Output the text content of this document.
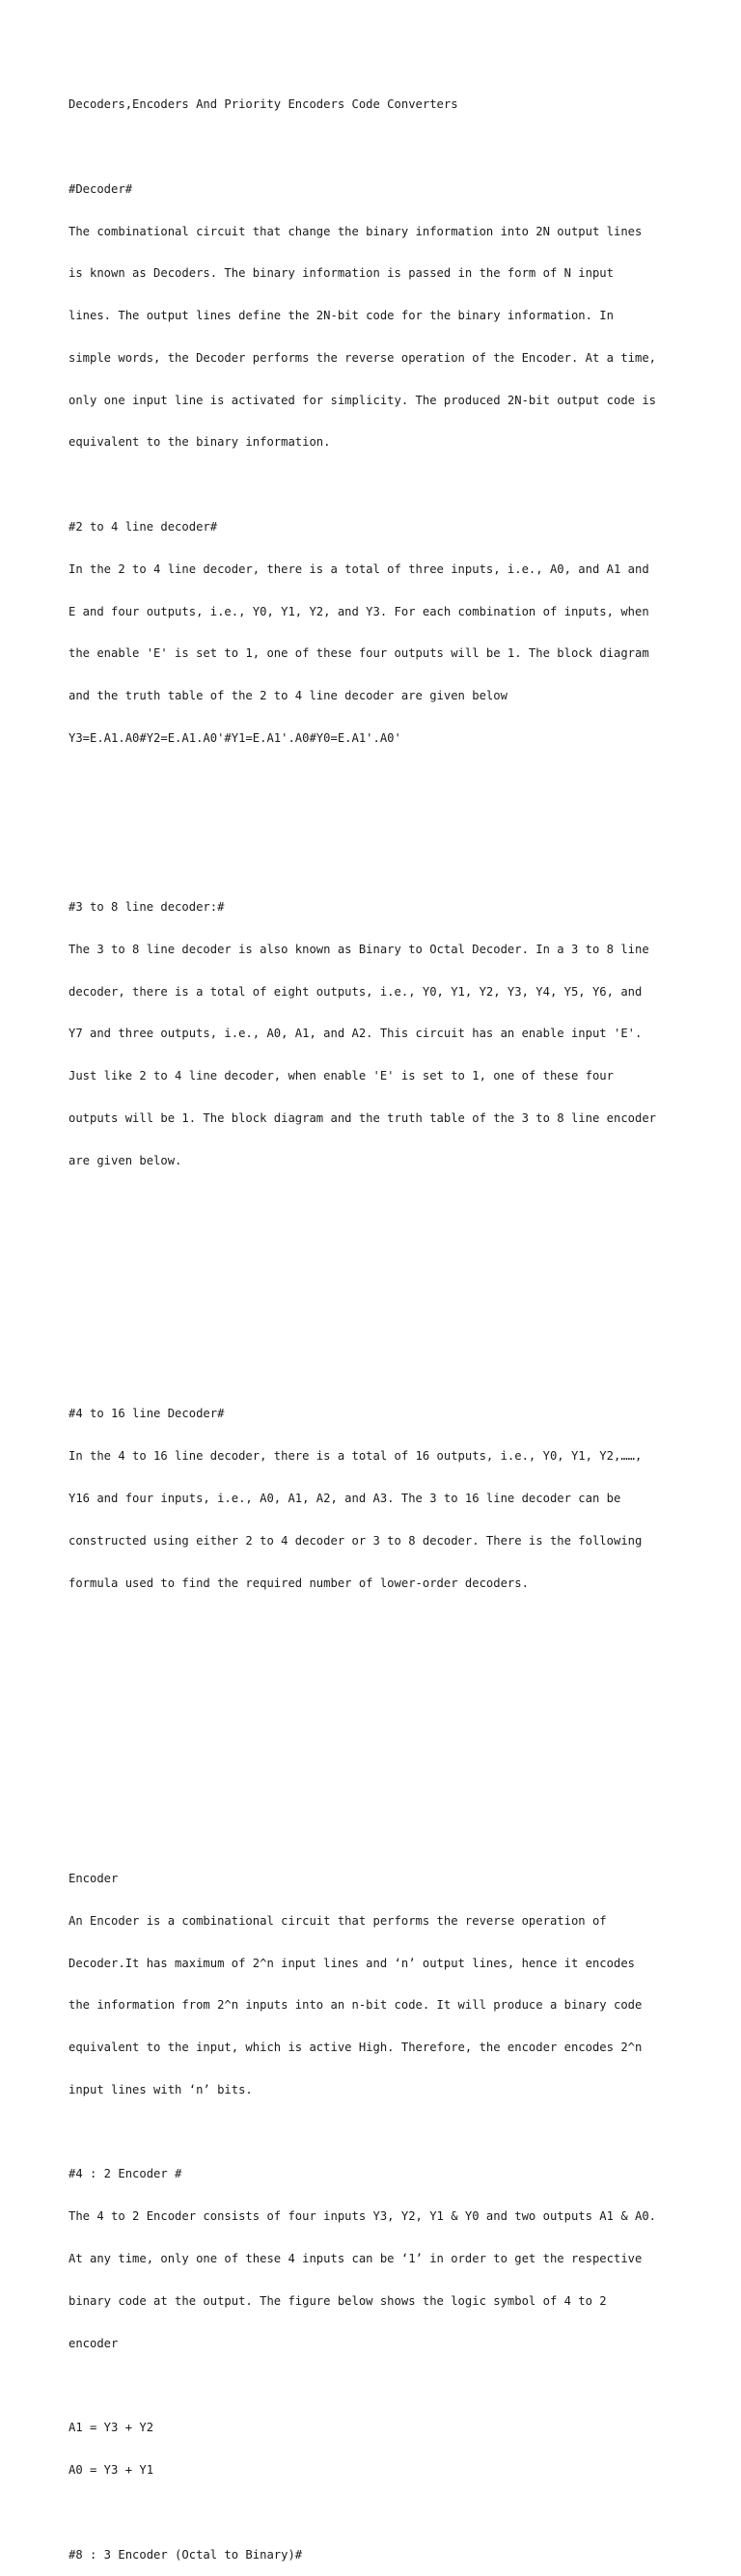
Decoders,Encoders And Priority Encoders Code Converters

#Decoder#

The combinational circuit that change the binary information into 2N output lines

is known as Decoders. The binary information is passed in the form of N input

lines. The output lines define the 2N-bit code for the binary information. In

simple words, the Decoder performs the reverse operation of the Encoder. At a time,

only one input line is activated for simplicity. The produced 2N-bit output code is

equivalent to the binary information.

#2 to 4 line decoder#

In the 2 to 4 line decoder, there is a total of three inputs, i.e., A0, and A1 and

E and four outputs, i.e., Y0, Y1, Y2, and Y3. For each combination of inputs, when

the enable 'E' is set to 1, one of these four outputs will be 1. The block diagram

and the truth table of the 2 to 4 line decoder are given below

Y3=E.A1.A0#Y2=E.A1.A0'#Y1=E.A1'.A0#Y0=E.A1'.A0'

#3 to 8 line decoder:#

The 3 to 8 line decoder is also known as Binary to Octal Decoder. In a 3 to 8 line

decoder, there is a total of eight outputs, i.e., Y0, Y1, Y2, Y3, Y4, Y5, Y6, and

Y7 and three outputs, i.e., A0, A1, and A2. This circuit has an enable input 'E'.

Just like 2 to 4 line decoder, when enable 'E' is set to 1, one of these four

outputs will be 1. The block diagram and the truth table of the 3 to 8 line encoder

are given below.

#4 to 16 line Decoder#

In the 4 to 16 line decoder, there is a total of 16 outputs, i.e., Y0, Y1, Y2,……,

Y16 and four inputs, i.e., A0, A1, A2, and A3. The 3 to 16 line decoder can be

constructed using either 2 to 4 decoder or 3 to 8 decoder. There is the following

formula used to find the required number of lower-order decoders.

Encoder

An Encoder is a combinational circuit that performs the reverse operation of

Decoder.It has maximum of 2^n input lines and ‘n’ output lines, hence it encodes

the information from 2^n inputs into an n-bit code. It will produce a binary code

equivalent to the input, which is active High. Therefore, the encoder encodes 2^n

input lines with ‘n’ bits.

#4 : 2 Encoder #

The 4 to 2 Encoder consists of four inputs Y3, Y2, Y1 & Y0 and two outputs A1 & A0.

At any time, only one of these 4 inputs can be ‘1’ in order to get the respective

binary code at the output. The figure below shows the logic symbol of 4 to 2

encoder

A1 = Y3 + Y2

A0 = Y3 + Y1

#8 : 3 Encoder (Octal to Binary)#
